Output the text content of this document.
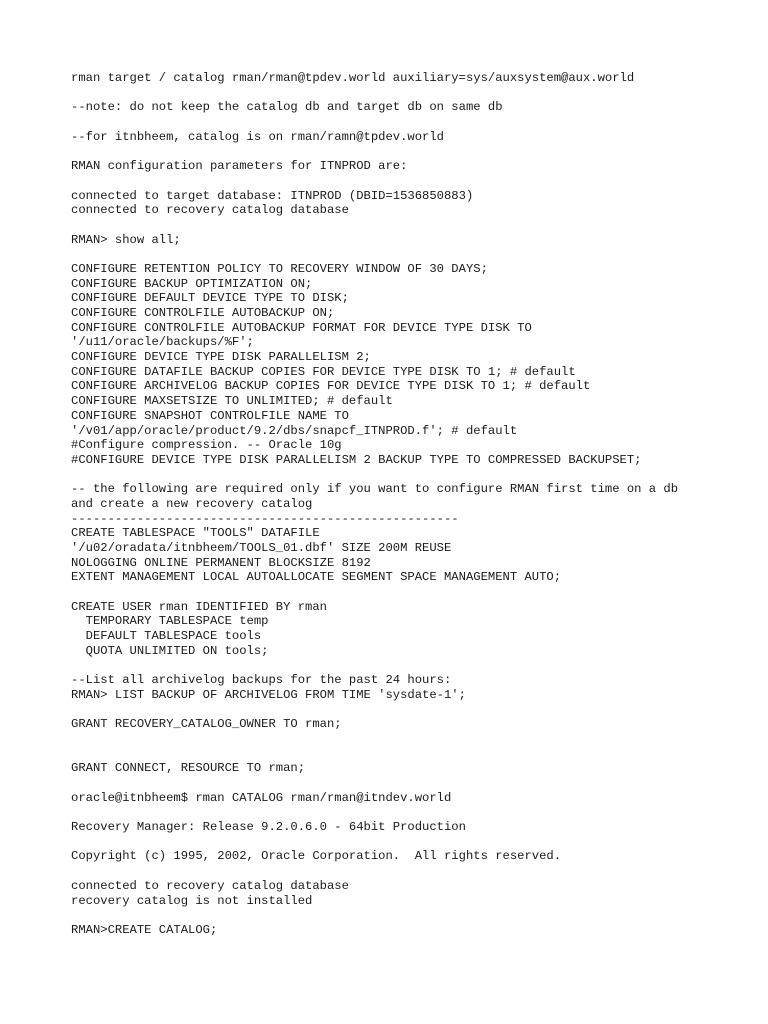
rman target / catalog rman/rman@tpdev.world auxiliary=sys/auxsystem@aux.world
--note: do not keep the catalog db and target db on same db
--for itnbheem, catalog is on rman/ramn@tpdev.world
RMAN configuration parameters for ITNPROD are:
connected to target database: ITNPROD (DBID=1536850883)
connected to recovery catalog database
RMAN> show all;
CONFIGURE RETENTION POLICY TO RECOVERY WINDOW OF 30 DAYS;
CONFIGURE BACKUP OPTIMIZATION ON;
CONFIGURE DEFAULT DEVICE TYPE TO DISK;
CONFIGURE CONTROLFILE AUTOBACKUP ON;
CONFIGURE CONTROLFILE AUTOBACKUP FORMAT FOR DEVICE TYPE DISK TO
'/u11/oracle/backups/%F';
CONFIGURE DEVICE TYPE DISK PARALLELISM 2;
CONFIGURE DATAFILE BACKUP COPIES FOR DEVICE TYPE DISK TO 1; # default
CONFIGURE ARCHIVELOG BACKUP COPIES FOR DEVICE TYPE DISK TO 1; # default
CONFIGURE MAXSETSIZE TO UNLIMITED; # default
CONFIGURE SNAPSHOT CONTROLFILE NAME TO
'/v01/app/oracle/product/9.2/dbs/snapcf_ITNPROD.f'; # default
#Configure compression. -- Oracle 10g
#CONFIGURE DEVICE TYPE DISK PARALLELISM 2 BACKUP TYPE TO COMPRESSED BACKUPSET;
-- the following are required only if you want to configure RMAN first time on a db
and create a new recovery catalog
-----------------------------------------------------
CREATE TABLESPACE "TOOLS" DATAFILE
'/u02/oradata/itnbheem/TOOLS_01.dbf' SIZE 200M REUSE
NOLOGGING ONLINE PERMANENT BLOCKSIZE 8192
EXTENT MANAGEMENT LOCAL AUTOALLOCATE SEGMENT SPACE MANAGEMENT AUTO;
CREATE USER rman IDENTIFIED BY rman
TEMPORARY TABLESPACE temp
DEFAULT TABLESPACE tools
QUOTA UNLIMITED ON tools;
--List all archivelog backups for the past 24 hours:
RMAN> LIST BACKUP OF ARCHIVELOG FROM TIME 'sysdate-1';
GRANT RECOVERY_CATALOG_OWNER TO rman;
GRANT CONNECT, RESOURCE TO rman;
oracle@itnbheem$ rman CATALOG rman/rman@itndev.world
Recovery Manager: Release 9.2.0.6.0 - 64bit Production
Copyright (c) 1995, 2002, Oracle Corporation.  All rights reserved.
connected to recovery catalog database
recovery catalog is not installed
RMAN>CREATE CATALOG;
